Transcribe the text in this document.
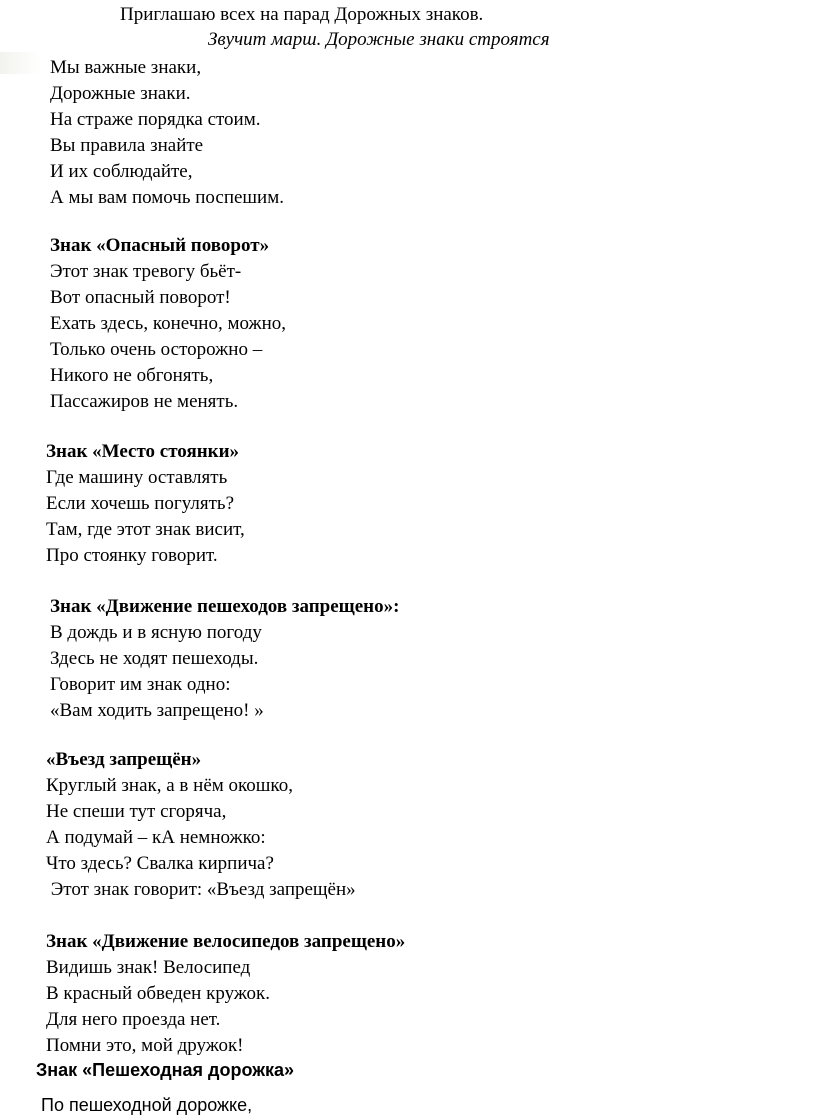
Приглашаю всех на парад Дорожных знаков.
Звучит марш. Дорожные знаки строятся
Мы важные знаки,
Дорожные знаки.
На страже порядка стоим.
Вы правила знайте
И их соблюдайте,
А мы вам помочь поспешим.
Знак «Опасный поворот»
Этот знак тревогу бьёт-
Вот опасный поворот!
Ехать здесь, конечно, можно,
Только очень осторожно –
Никого не обгонять,
Пассажиров не менять.
Знак «Место стоянки»
Где машину оставлять
Если хочешь погулять?
Там, где этот знак висит,
Про стоянку говорит.
Знак «Движение пешеходов запрещено»:
В дождь и в ясную погоду
Здесь не ходят пешеходы.
Говорит им знак одно:
«Вам ходить запрещено! »
«Въезд запрещён»
Круглый знак, а в нём окошко,
Не спеши тут сгоряча,
А подумай – кА немножко:
Что здесь? Свалка кирпича?
Этот знак говорит: «Въезд запрещён»
Знак «Движение велосипедов запрещено»
Видишь знак! Велосипед
В красный обведен кружок.
Для него проезда нет.
Помни это, мой дружок!
Знак «Пешеходная дорожка»
По пешеходной дорожке,
